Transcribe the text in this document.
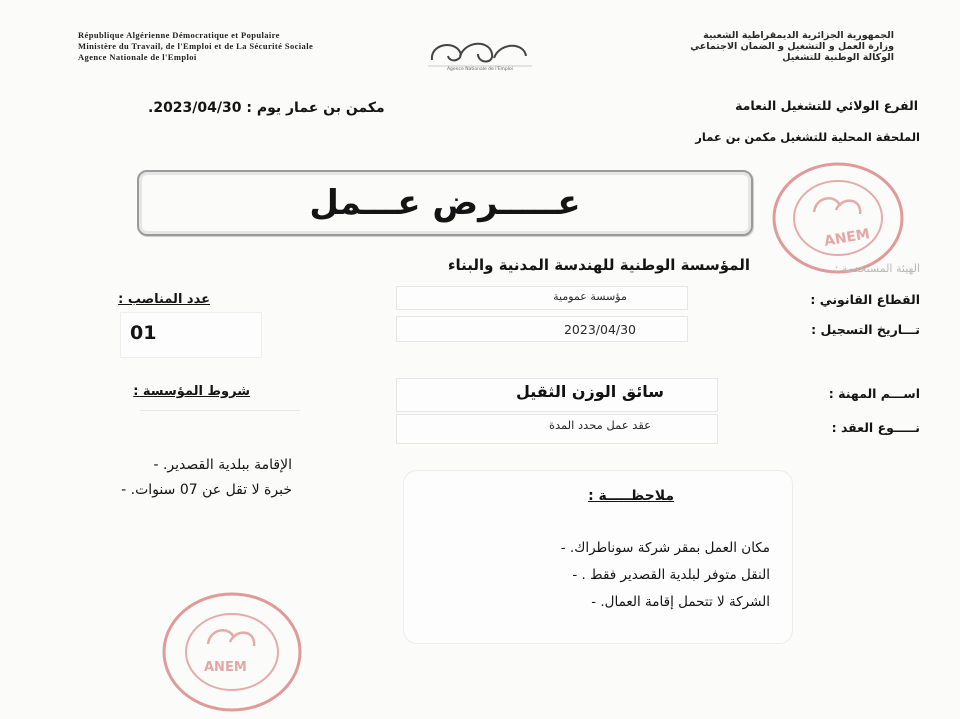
République Algérienne Démocratique et Populaire
Ministère du Travail, de l'Emploi et de La Sécurité Sociale
Agence Nationale de l'Emploi
Agence Nationale de l'Emploi
الجمهورية الجزائرية الديمقراطية الشعبية
وزارة العمل و التشغيل و الضمان الاجتماعي
الوكالة الوطنية للتشغيل
مكمن بن عمار يوم : 2023/04/30.	الفرع الولائي للتشغيل النعامة
الملحقة المحلية للتشغيل مكمن بن عمار
ANEM
عـــــرض عـــمل
المؤسسة الوطنية للهندسة المدنية والبناء	الهيئة المستخدمة :
القطاع القانوني :
مؤسسة عمومية
تـــاريخ التسجيل :
2023/04/30
اســـم المهنة :
سائق الوزن الثقيل
نـــــوع العقد :
عقد عمل محدد المدة
عدد المناصب :
01
شروط المؤسسة :
الإقامة ببلدية القصدير. -
خبرة لا تقل عن 07 سنوات. -	ملاحظـــــة :
مكان العمل بمقر شركة سوناطراك. -
النقل متوفر لبلدية القصدير فقط . -
الشركة لا تتحمل إقامة العمال. -
ANEM
